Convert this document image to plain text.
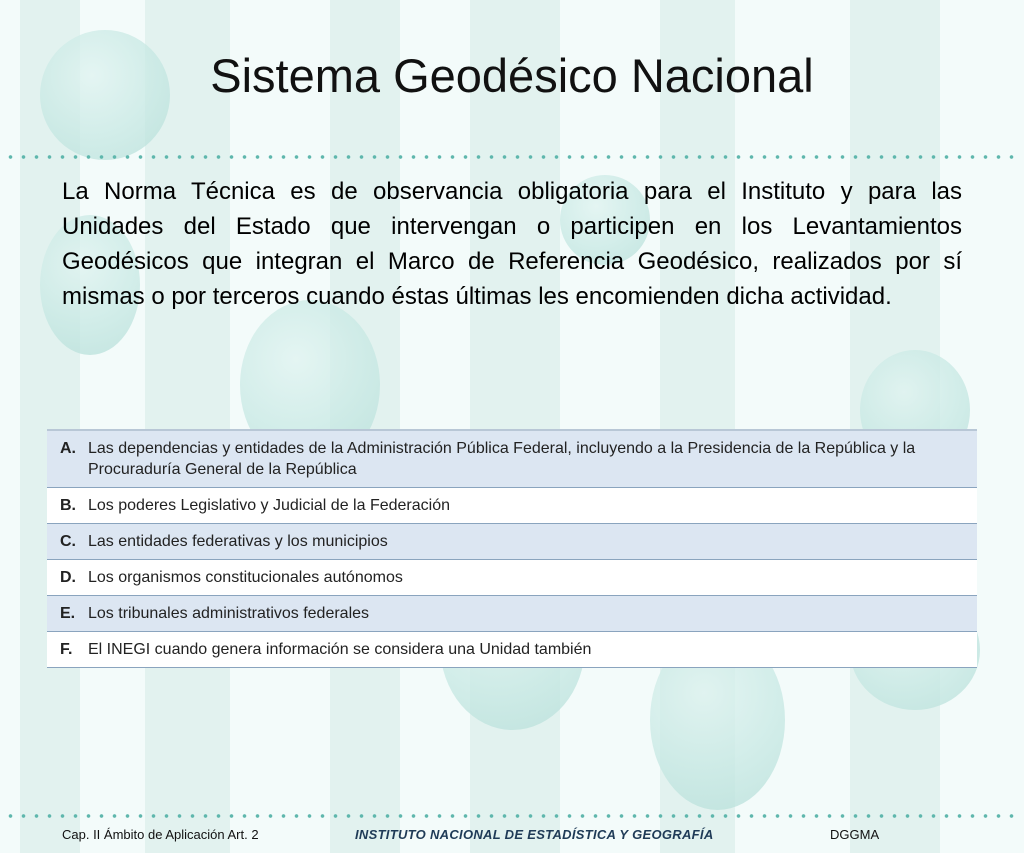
Sistema Geodésico Nacional

La Norma Técnica es de observancia obligatoria para el Instituto y para las Unidades del Estado que intervengan o participen en los Levantamientos Geodésicos que integran el Marco de Referencia Geodésico, realizados por sí mismas o por terceros cuando éstas últimas les encomienden dicha actividad.

A. Las dependencias y entidades de la Administración Pública Federal, incluyendo a la Presidencia de la República y la Procuraduría General de la República
B. Los poderes Legislativo y Judicial de la Federación
C. Las entidades federativas y los municipios
D. Los organismos constitucionales autónomos
E. Los tribunales administrativos federales
F. El INEGI cuando genera información se considera una Unidad también
Cap. II Ámbito de Aplicación Art. 2	INSTITUTO NACIONAL DE ESTADÍSTICA Y GEOGRAFÍA	DGGMA
